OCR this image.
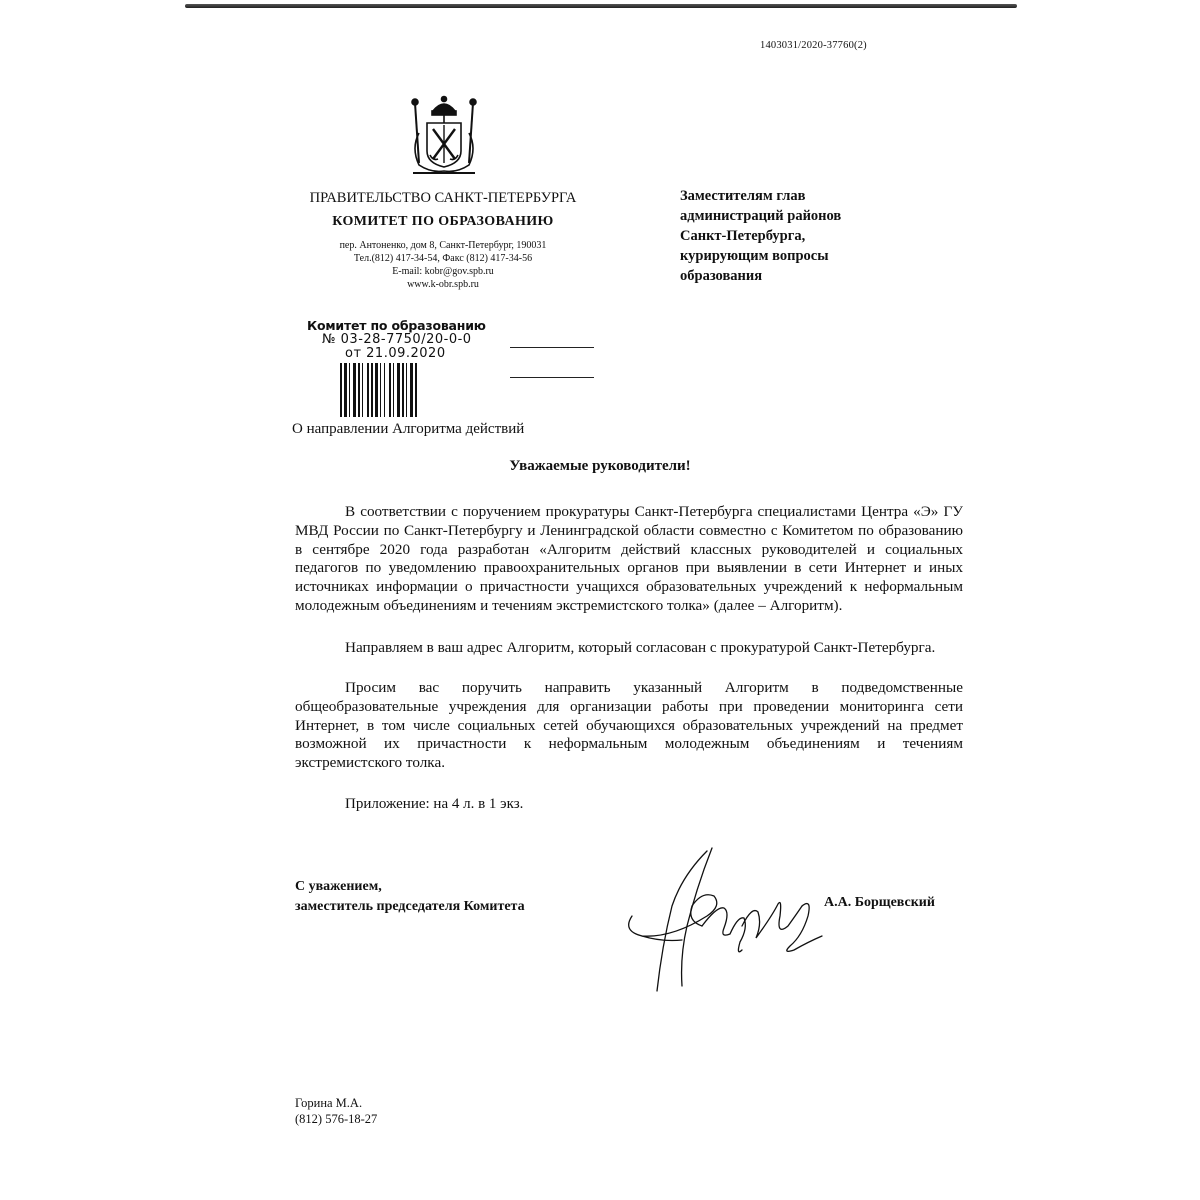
1403031/2020-37760(2)
ПРАВИТЕЛЬСТВО САНКТ-ПЕТЕРБУРГА
КОМИТЕТ ПО ОБРАЗОВАНИЮ
пер. Антоненко, дом 8, Санкт-Петербург, 190031
Тел.(812) 417-34-54, Факс (812) 417-34-56
E-mail: kobr@gov.spb.ru
www.k-obr.spb.ru
Заместителям глав
администраций районов
Санкт-Петербурга,
курирующим вопросы
образования
Комитет по образованию
№ 03-28-7750/20-0-0
от 21.09.2020
О направлении Алгоритма действий
Уважаемые руководители!

В соответствии с поручением прокуратуры Санкт-Петербурга специалистами Центра «Э» ГУ МВД России по Санкт-Петербургу и Ленинградской области совместно с Комитетом по образованию в сентябре 2020 года разработан «Алгоритм действий классных руководителей и социальных педагогов по уведомлению правоохранительных органов при выявлении в сети Интернет и иных источниках информации о причастности учащихся образовательных учреждений к неформальным молодежным объединениям и течениям экстремистского толка» (далее – Алгоритм).

Направляем в ваш адрес Алгоритм, который согласован с прокуратурой Санкт-Петербурга.

Просим вас поручить направить указанный Алгоритм в подведомственные общеобразовательные учреждения для организации работы при проведении мониторинга сети Интернет, в том числе социальных сетей обучающихся образовательных учреждений на предмет возможной их причастности к неформальным молодежным объединениям и течениям экстремистского толка.

Приложение: на 4 л. в 1 экз.
С уважением,
заместитель председателя Комитета	А.А. Борщевский
Горина М.А.
(812) 576-18-27
